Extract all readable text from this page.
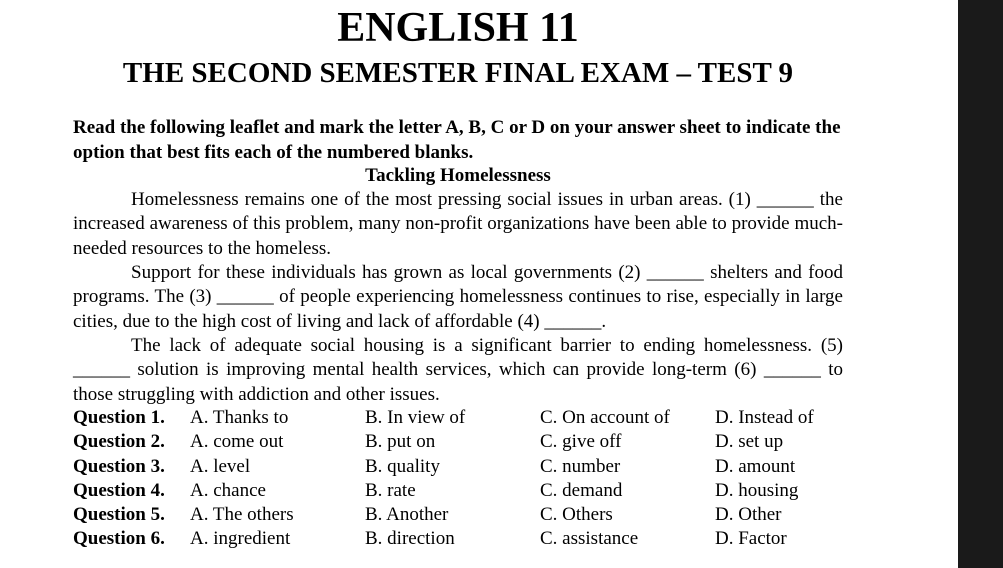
ENGLISH 11
THE SECOND SEMESTER FINAL EXAM – TEST 9

Read the following leaflet and mark the letter A, B, C or D on your answer sheet to indicate the option that best fits each of the numbered blanks.

Tackling Homelessness

Homelessness remains one of the most pressing social issues in urban areas. (1) ______ the increased awareness of this problem, many non-profit organizations have been able to provide much-needed resources to the homeless.

Support for these individuals has grown as local governments (2) ______ shelters and food programs. The (3) ______ of people experiencing homelessness continues to rise, especially in large cities, due to the high cost of living and lack of affordable (4) ______.

The lack of adequate social housing is a significant barrier to ending homelessness. (5) ______ solution is improving mental health services, which can provide long-term (6) ______ to those struggling with addiction and other issues.

Question 1.	A. Thanks to	B. In view of	C. On account of	D. Instead of
Question 2.	A. come out	B. put on	C. give off	D. set up
Question 3.	A. level	B. quality	C. number	D. amount
Question 4.	A. chance	B. rate	C. demand	D. housing
Question 5.	A. The others	B. Another	C. Others	D. Other
Question 6.	A. ingredient	B. direction	C. assistance	D. Factor
